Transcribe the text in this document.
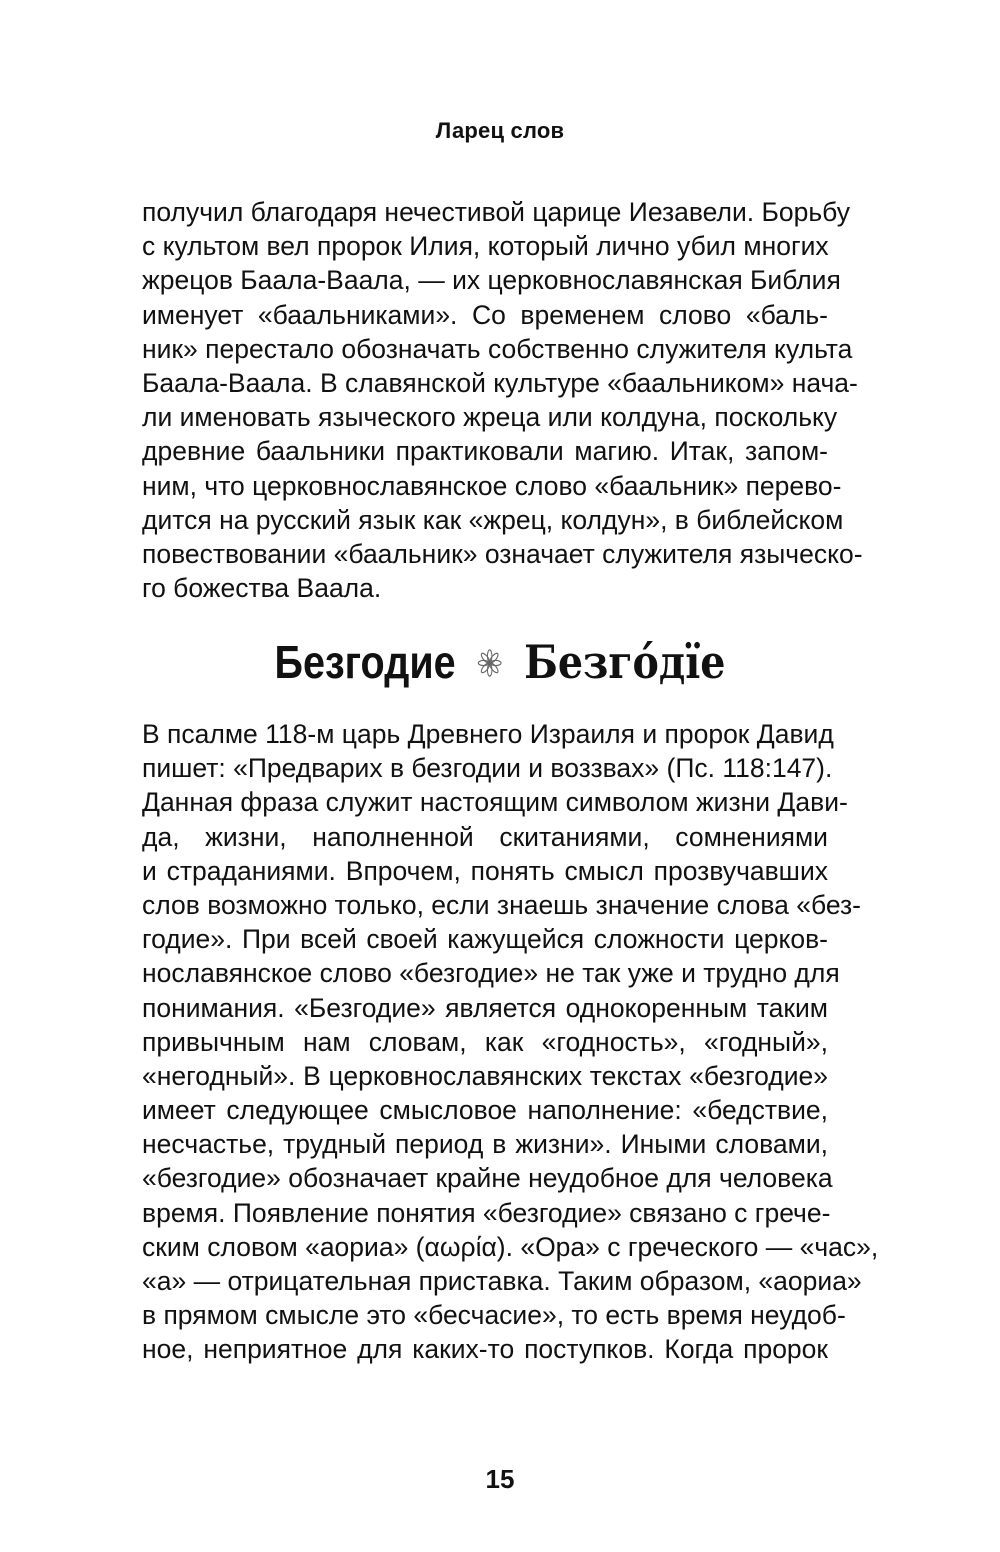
Ларец слов
получил благодаря нечестивой царице Иезавели. Борьбу
с культом вел пророк Илия, который лично убил многих
жрецов Баала-Ваала, — их церковнославянская Библия
именует «баальниками». Со временем слово «баль-
ник» перестало обозначать собственно служителя культа
Баала-Ваала. В славянской культуре «баальником» нача-
ли именовать языческого жреца или колдуна, поскольку
древние баальники практиковали магию. Итак, запом-
ним, что церковнославянское слово «баальник» перево-
дится на русский язык как «жрец, колдун», в библейском
повествовании «баальник» означает служителя языческо-
го божества Ваала.
Безгодие Безго́дїе
В псалме 118-м царь Древнего Израиля и пророк Давид
пишет: «Предварих в безгодии и воззвах» (Пс. 118:147).
Данная фраза служит настоящим символом жизни Дави-
да, жизни, наполненной скитаниями, сомнениями
и страданиями. Впрочем, понять смысл прозвучавших
слов возможно только, если знаешь значение слова «без-
годие». При всей своей кажущейся сложности церков-
нославянское слово «безгодие» не так уже и трудно для
понимания. «Безгодие» является однокоренным таким
привычным нам словам, как «годность», «годный»,
«негодный». В церковнославянских текстах «безгодие»
имеет следующее смысловое наполнение: «бедствие,
несчастье, трудный период в жизни». Иными словами,
«безгодие» обозначает крайне неудобное для человека
время. Появление понятия «безгодие» связано с грече-
ским словом «аориа» (αωρία). «Ора» с греческого — «час»,
«а» — отрицательная приставка. Таким образом, «аориа»
в прямом смысле это «бесчасие», то есть время неудоб-
ное, неприятное для каких-то поступков. Когда пророк
15
